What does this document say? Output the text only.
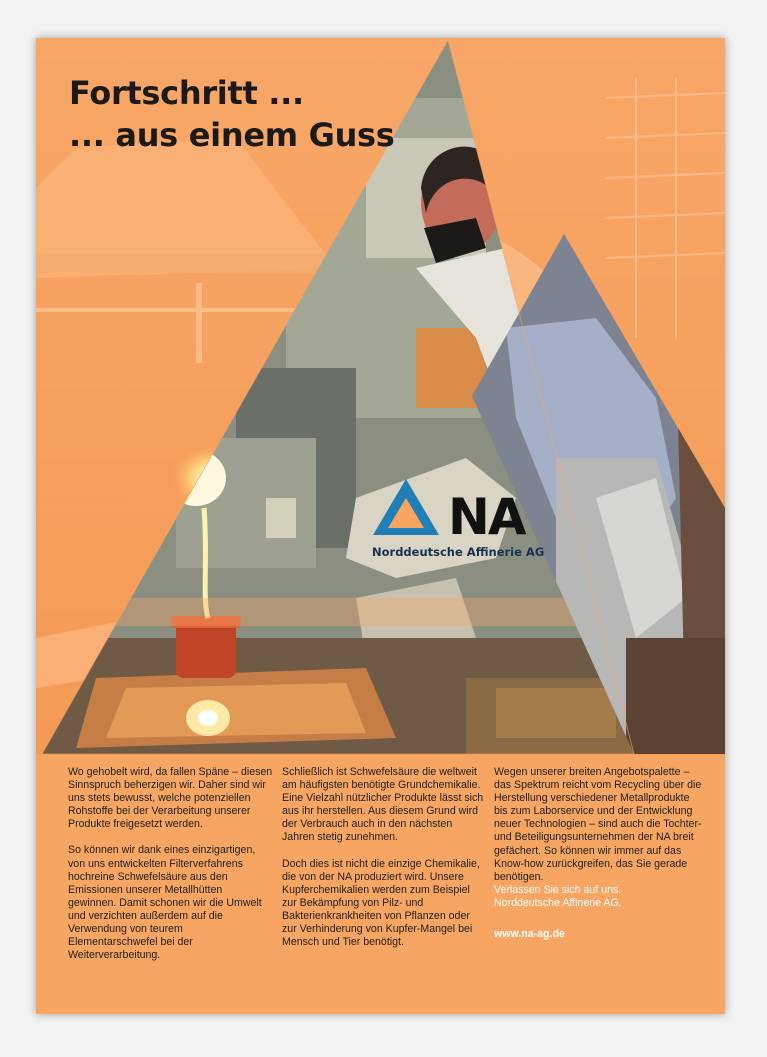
Fortschritt ...
... aus einem Guss
NA
Norddeutsche Affinerie AG

Wo gehobelt wird, da fallen Späne – diesen Sinnspruch beherzigen wir. Daher sind wir uns stets bewusst, welche potenziellen Rohstoffe bei der Verarbeitung unserer Produkte freigesetzt werden.

So können wir dank eines einzigartigen, von uns entwickelten Filterverfahrens hochreine Schwefelsäure aus den Emissionen unserer Metallhütten gewinnen. Damit schonen wir die Umwelt und verzichten außerdem auf die Verwendung von teurem Elementarschwefel bei der Weiterverarbeitung.

Schließlich ist Schwefelsäure die weltweit am häufigsten benötigte Grundchemikalie. Eine Vielzahl nützlicher Produkte lässt sich aus ihr herstellen. Aus diesem Grund wird der Verbrauch auch in den nächsten Jahren stetig zunehmen.

Doch dies ist nicht die einzige Chemikalie, die von der NA produziert wird. Unsere Kupferchemikalien werden zum Beispiel zur Bekämpfung von Pilz- und Bakterienkrankheiten von Pflanzen oder zur Verhinderung von Kupfer-Mangel bei Mensch und Tier benötigt.

Wegen unserer breiten Angebotspalette – das Spektrum reicht vom Recycling über die Herstellung verschiedener Metallprodukte bis zum Laborservice und der Entwicklung neuer Technologien – sind auch die Tochter- und Beteiligungsunternehmen der NA breit gefächert. So können wir immer auf das Know-how zurückgreifen, das Sie gerade benötigen.

Verlassen Sie sich auf uns.
Norddeutsche Affinerie AG.
www.na-ag.de
